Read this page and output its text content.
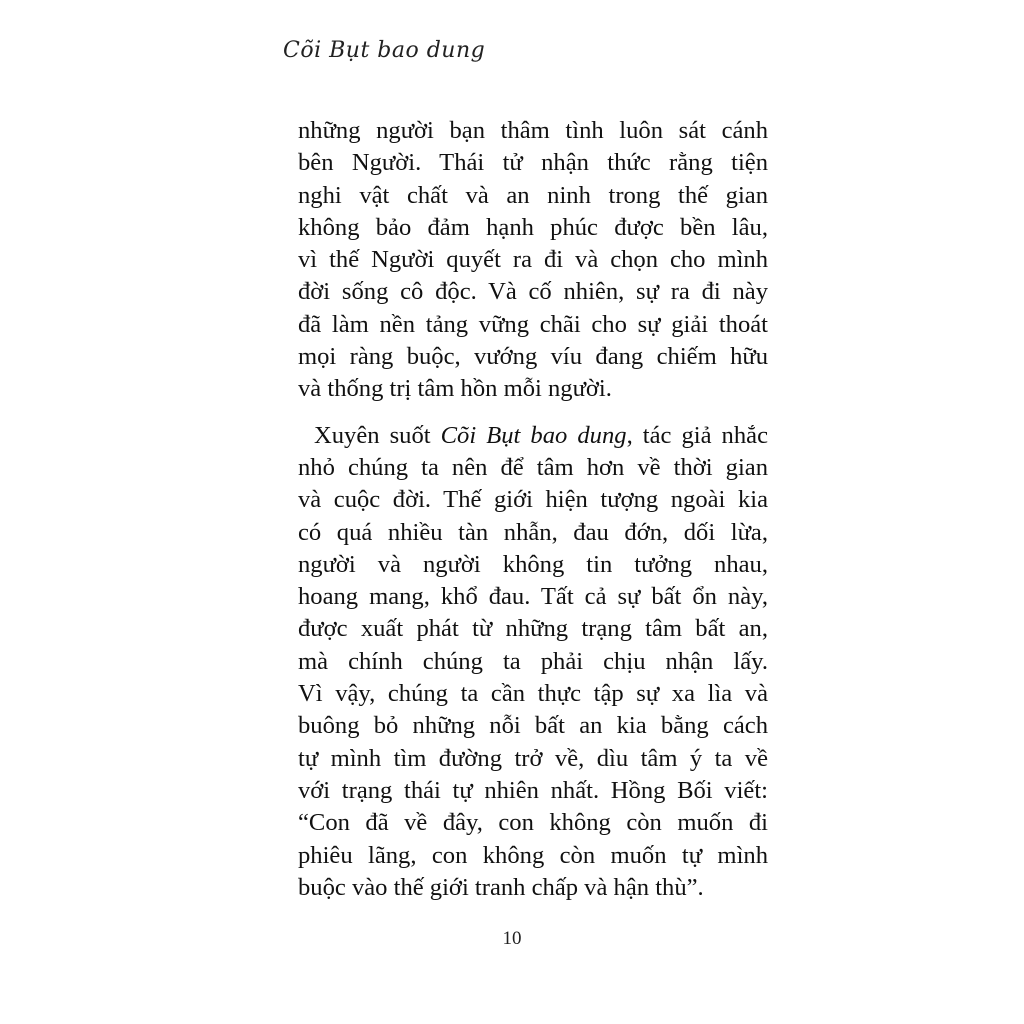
Cõi Bụt bao dung
những người bạn thâm tình luôn sát cánh
bên Người. Thái tử nhận thức rằng tiện
nghi vật chất và an ninh trong thế gian
không bảo đảm hạnh phúc được bền lâu,
vì thế Người quyết ra đi và chọn cho mình
đời sống cô độc. Và cố nhiên, sự ra đi này
đã làm nền tảng vững chãi cho sự giải thoát
mọi ràng buộc, vướng víu đang chiếm hữu
và thống trị tâm hồn mỗi người.
Xuyên suốt Cõi Bụt bao dung, tác giả nhắc
nhỏ chúng ta nên để tâm hơn về thời gian
và cuộc đời. Thế giới hiện tượng ngoài kia
có quá nhiều tàn nhẫn, đau đớn, dối lừa,
người và người không tin tưởng nhau,
hoang mang, khổ đau. Tất cả sự bất ổn này,
được xuất phát từ những trạng tâm bất an,
mà chính chúng ta phải chịu nhận lấy.
Vì vậy, chúng ta cần thực tập sự xa lìa và
buông bỏ những nỗi bất an kia bằng cách
tự mình tìm đường trở về, dìu tâm ý ta về
với trạng thái tự nhiên nhất. Hồng Bối viết:
“Con đã về đây, con không còn muốn đi
phiêu lãng, con không còn muốn tự mình
buộc vào thế giới tranh chấp và hận thù”.
10
